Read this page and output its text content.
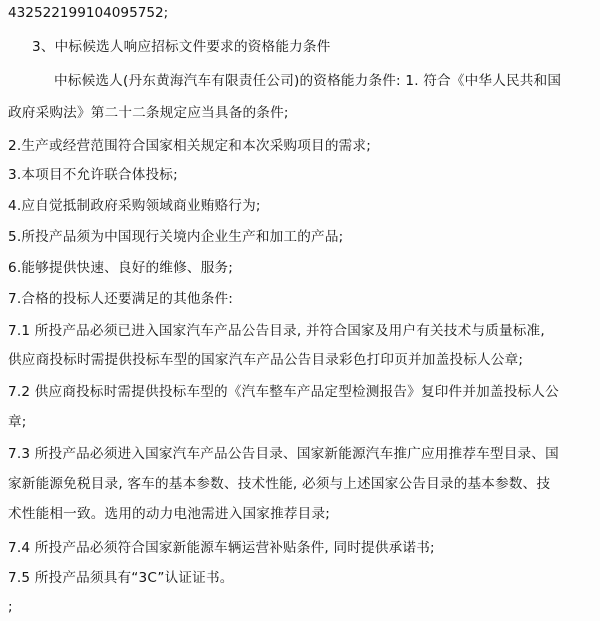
432522199104095752;
3、中标候选人响应招标文件要求的资格能力条件
中标候选人(丹东黄海汽车有限责任公司)的资格能力条件: 1. 符合《中华人民共和国
政府采购法》第二十二条规定应当具备的条件;
2.生产或经营范围符合国家相关规定和本次采购项目的需求;
3.本项目不允许联合体投标;
4.应自觉抵制政府采购领域商业贿赂行为;
5.所投产品须为中国现行关境内企业生产和加工的产品;
6.能够提供快速、良好的维修、服务;
7.合格的投标人还要满足的其他条件:
7.1 所投产品必须已进入国家汽车产品公告目录, 并符合国家及用户有关技术与质量标准,
供应商投标时需提供投标车型的国家汽车产品公告目录彩色打印页并加盖投标人公章;
7.2 供应商投标时需提供投标车型的《汽车整车产品定型检测报告》复印件并加盖投标人公
章;
7.3 所投产品必须进入国家汽车产品公告目录、国家新能源汽车推广应用推荐车型目录、国
家新能源免税目录, 客车的基本参数、技术性能, 必须与上述国家公告目录的基本参数、技
术性能相一致。选用的动力电池需进入国家推荐目录;
7.4 所投产品必须符合国家新能源车辆运营补贴条件, 同时提供承诺书;
7.5 所投产品须具有“3C”认证证书。
;
